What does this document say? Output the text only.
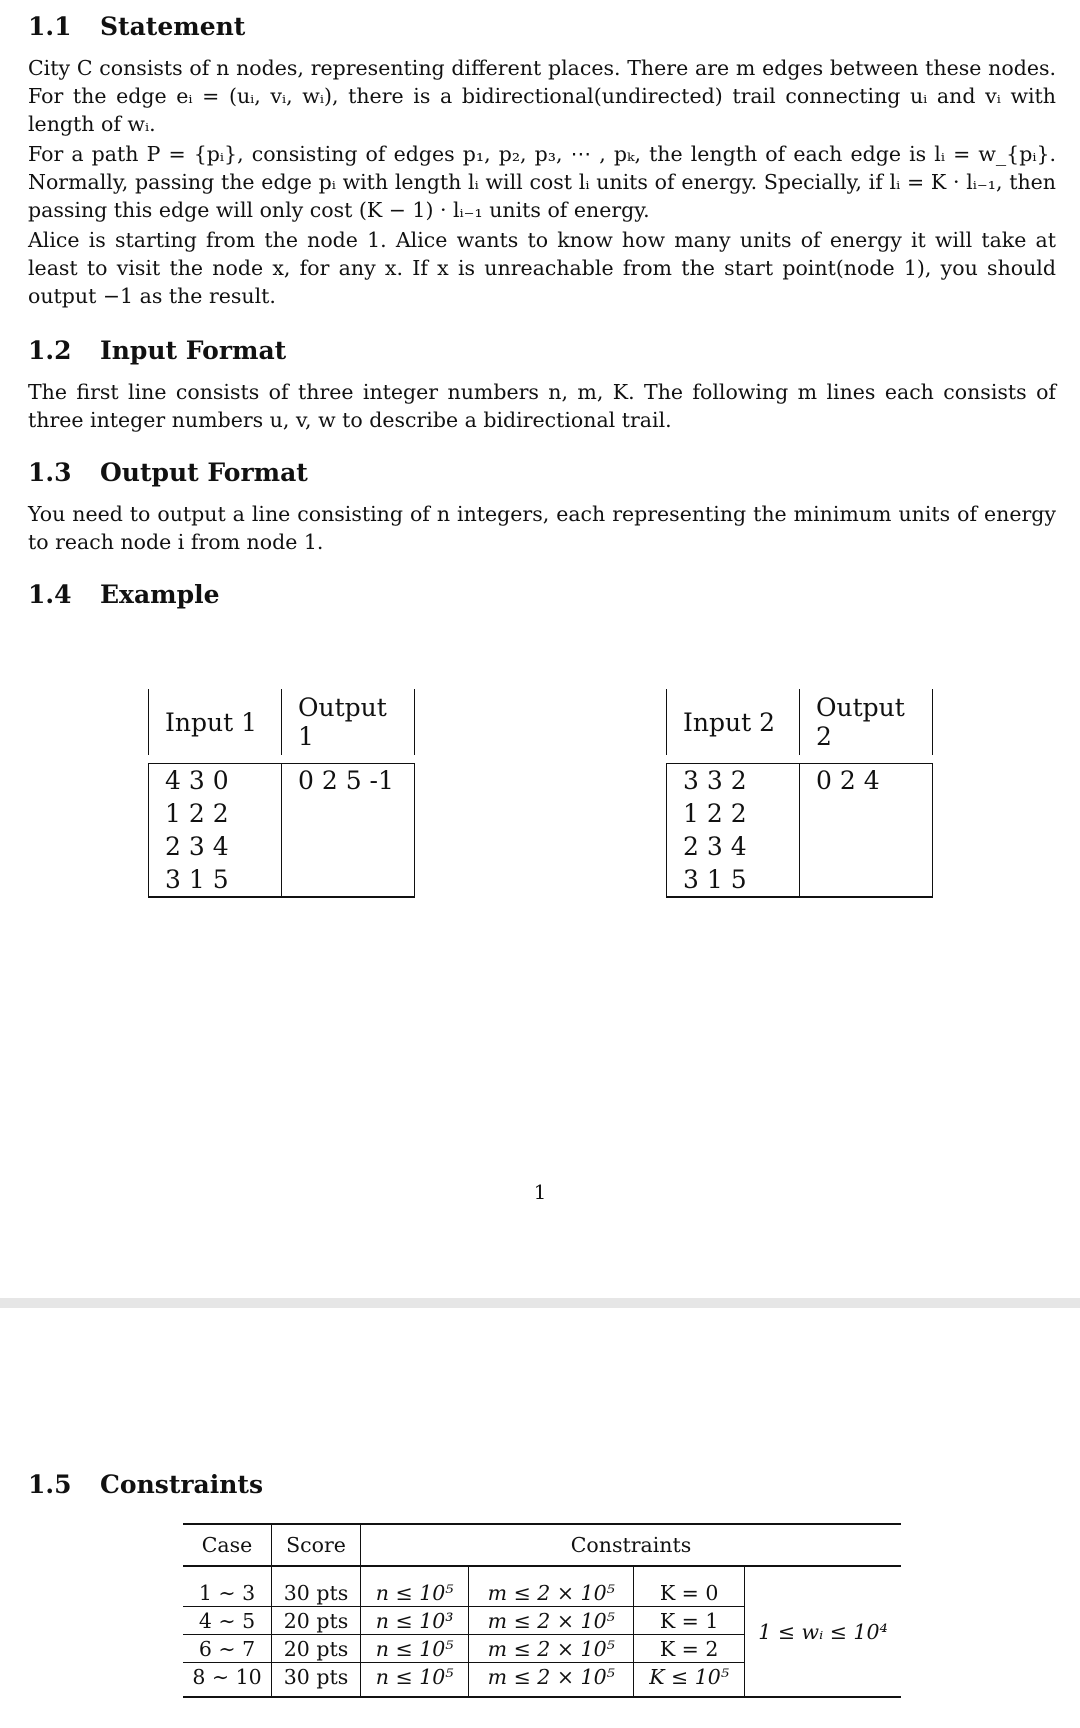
1.1 Statement
City C consists of n nodes, representing different places. There are m edges between these nodes. For the edge eᵢ = (uᵢ, vᵢ, wᵢ), there is a bidirectional(undirected) trail connecting uᵢ and vᵢ with length of wᵢ.
For a path P = {pᵢ}, consisting of edges p₁, p₂, p₃, ⋯ , pₖ, the length of each edge is lᵢ = w_{pᵢ}. Normally, passing the edge pᵢ with length lᵢ will cost lᵢ units of energy. Specially, if lᵢ = K · lᵢ₋₁, then passing this edge will only cost (K − 1) · lᵢ₋₁ units of energy.
Alice is starting from the node 1. Alice wants to know how many units of energy it will take at least to visit the node x, for any x. If x is unreachable from the start point(node 1), you should output −1 as the result.
1.2 Input Format
The first line consists of three integer numbers n, m, K. The following m lines each consists of three integer numbers u, v, w to describe a bidirectional trail.
1.3 Output Format
You need to output a line consisting of n integers, each representing the minimum units of energy to reach node i from node 1.
1.4 Example
Input 1	Output 1
4 3 0	0 2 5 -1
1 2 2	
2 3 4	
3 1 5	
Input 2	Output 2
3 3 2	0 2 4
1 2 2	
2 3 4	
3 1 5	
1
1.5 Constraints
Case	Score	Constraints			
1 ∼ 3	30 pts	n ≤ 10⁵	m ≤ 2 × 10⁵	K = 0	1 ≤ wᵢ ≤ 10⁴
4 ∼ 5	20 pts	n ≤ 10³	m ≤ 2 × 10⁵	K = 1	
6 ∼ 7	20 pts	n ≤ 10⁵	m ≤ 2 × 10⁵	K = 2	
8 ∼ 10	30 pts	n ≤ 10⁵	m ≤ 2 × 10⁵	K ≤ 10⁵	
